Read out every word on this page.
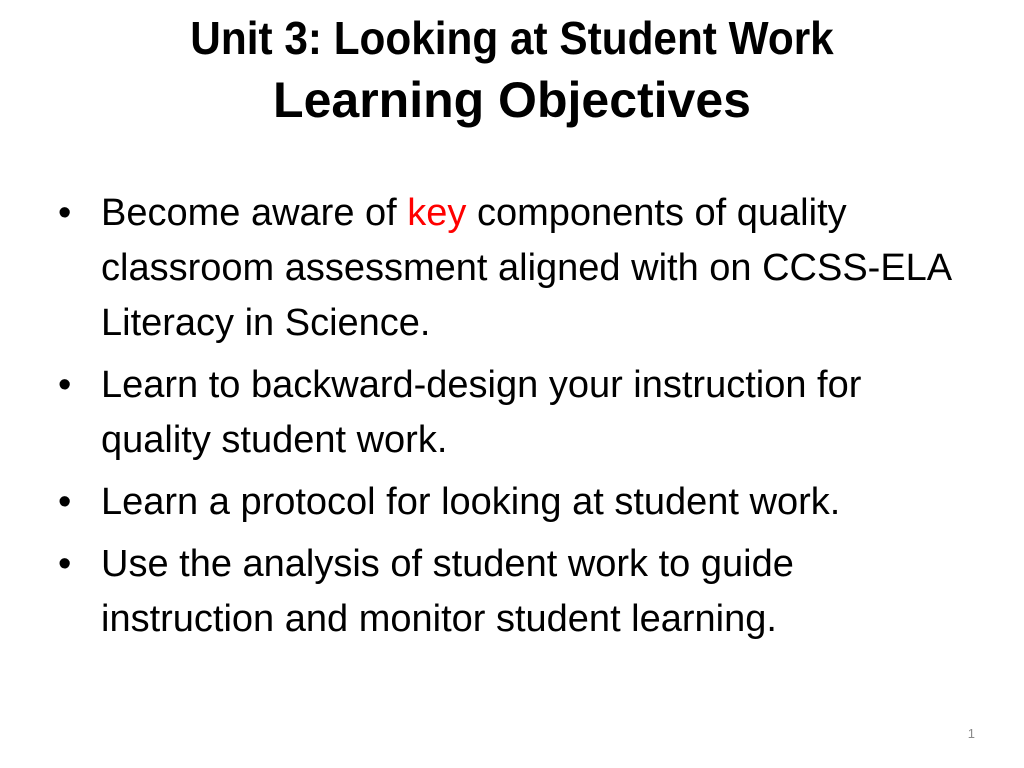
Unit 3: Looking at Student Work
Learning Objectives
• Become aware of key components of quality classroom assessment aligned with on CCSS-ELA Literacy in Science.
• Learn to backward-design your instruction for quality student work.
• Learn a protocol for looking at student work.
• Use the analysis of student work to guide instruction and monitor student learning.
1
